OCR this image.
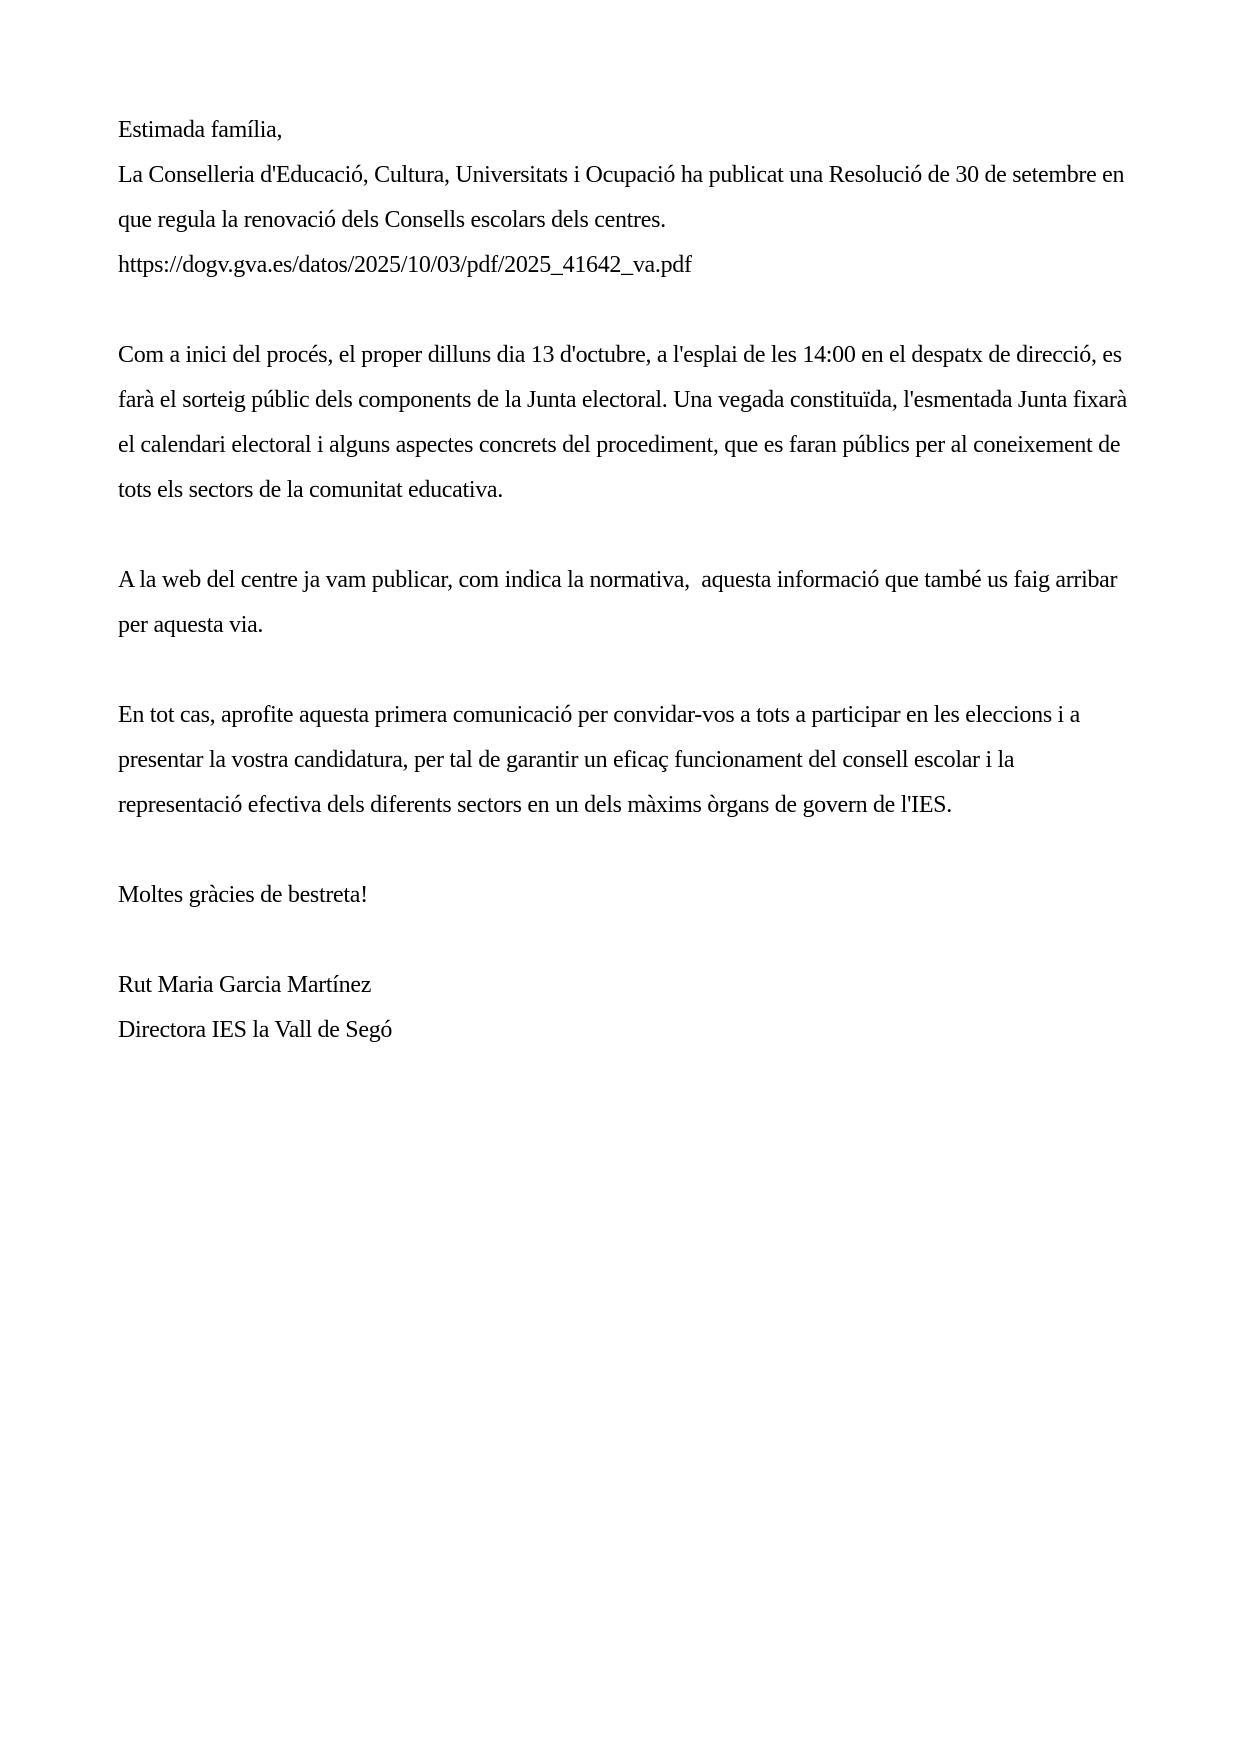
Estimada família,

La Conselleria d'Educació, Cultura, Universitats i Ocupació ha publicat una Resolució de 30 de setembre en que regula la renovació dels Consells escolars dels centres.

https://dogv.gva.es/datos/2025/10/03/pdf/2025_41642_va.pdf

Com a inici del procés, el proper dilluns dia 13 d'octubre, a l'esplai de les 14:00 en el despatx de direcció, es farà el sorteig públic dels components de la Junta electoral. Una vegada constituïda, l'esmentada Junta fixarà el calendari electoral i alguns aspectes concrets del procediment, que es faran públics per al coneixement de tots els sectors de la comunitat educativa.

A la web del centre ja vam publicar, com indica la normativa,  aquesta informació que també us faig arribar per aquesta via.

En tot cas, aprofite aquesta primera comunicació per convidar-vos a tots a participar en les eleccions i a presentar la vostra candidatura, per tal de garantir un eficaç funcionament del consell escolar i la representació efectiva dels diferents sectors en un dels màxims òrgans de govern de l'IES.

Moltes gràcies de bestreta!

Rut Maria Garcia Martínez

Directora IES la Vall de Segó
